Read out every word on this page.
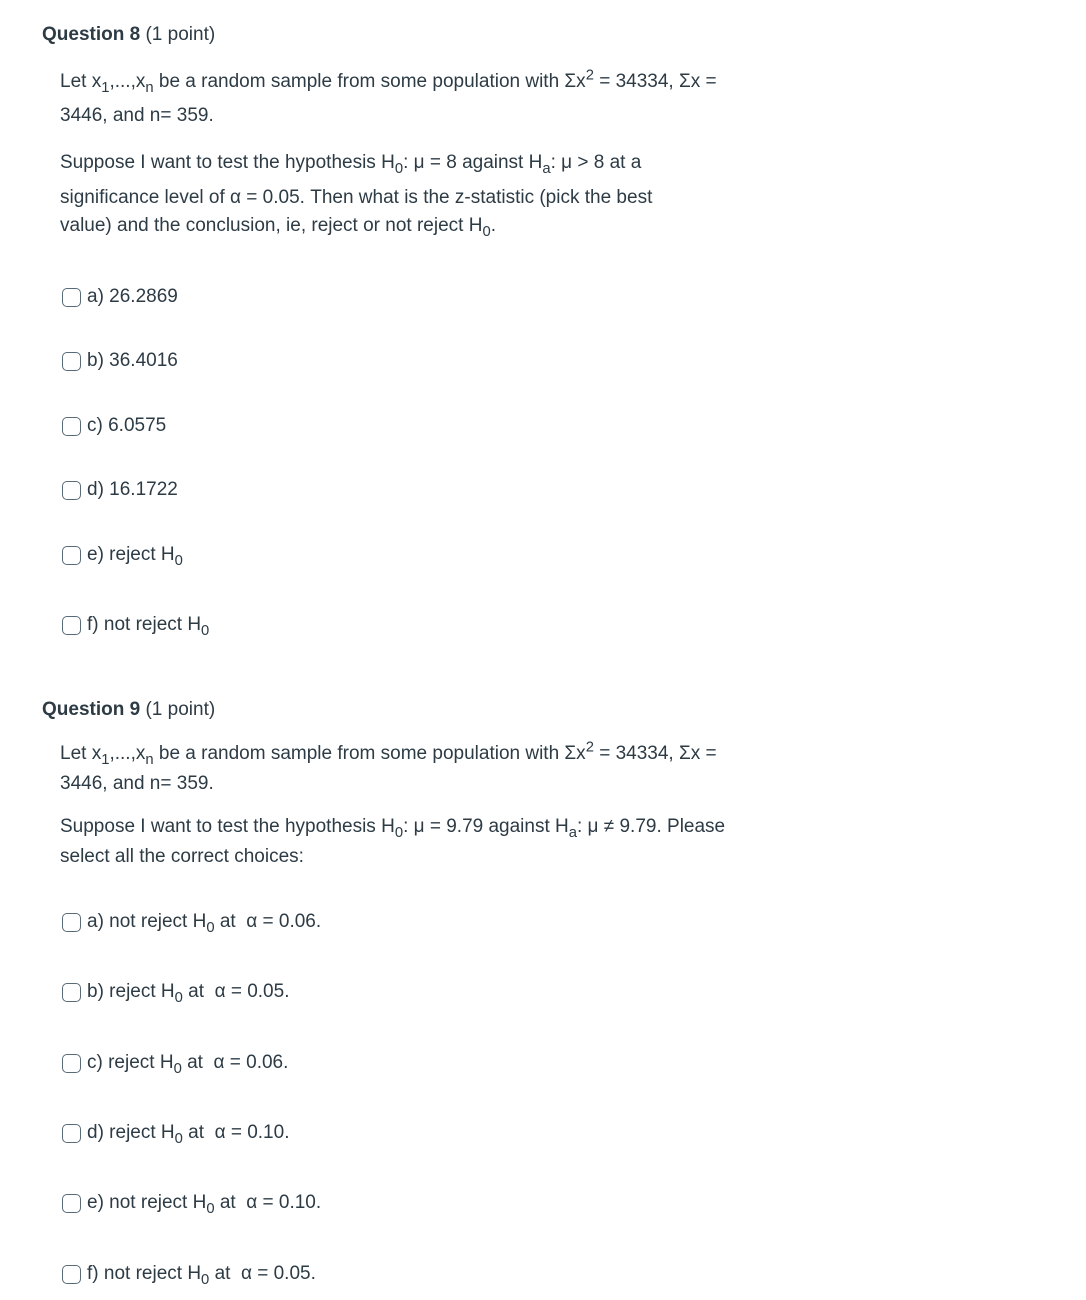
Question 8 (1 point)
Let $x_1,...,x_n$ be a random sample from some population with $\Sigma x^2 = 34334$, Σx =
3446, and n= 359.
Suppose I want to test the hypothesis $H_0$: μ = 8 against $H_a$: μ > 8 at a
significance level of α = 0.05. Then what is the z-statistic (pick the best
value) and the conclusion, ie, reject or not reject $H_0$.
a) 26.2869
b) 36.4016
c) 6.0575
d) 16.1722
e) reject $H_0$
f) not reject $H_0$
Question 9 (1 point)
Let $x_1,...,x_n$ be a random sample from some population with $\Sigma x^2 = 34334$, Σx =
3446, and n= 359.
Suppose I want to test the hypothesis $H_0$: μ = 9.79 against $H_a$: μ ≠ 9.79. Please
select all the correct choices:
a) not reject $H_0$ at  α = 0.06.
b) reject $H_0$ at  α = 0.05.
c) reject $H_0$ at  α = 0.06.
d) reject $H_0$ at  α = 0.10.
e) not reject $H_0$ at  α = 0.10.
f) not reject $H_0$ at  α = 0.05.
